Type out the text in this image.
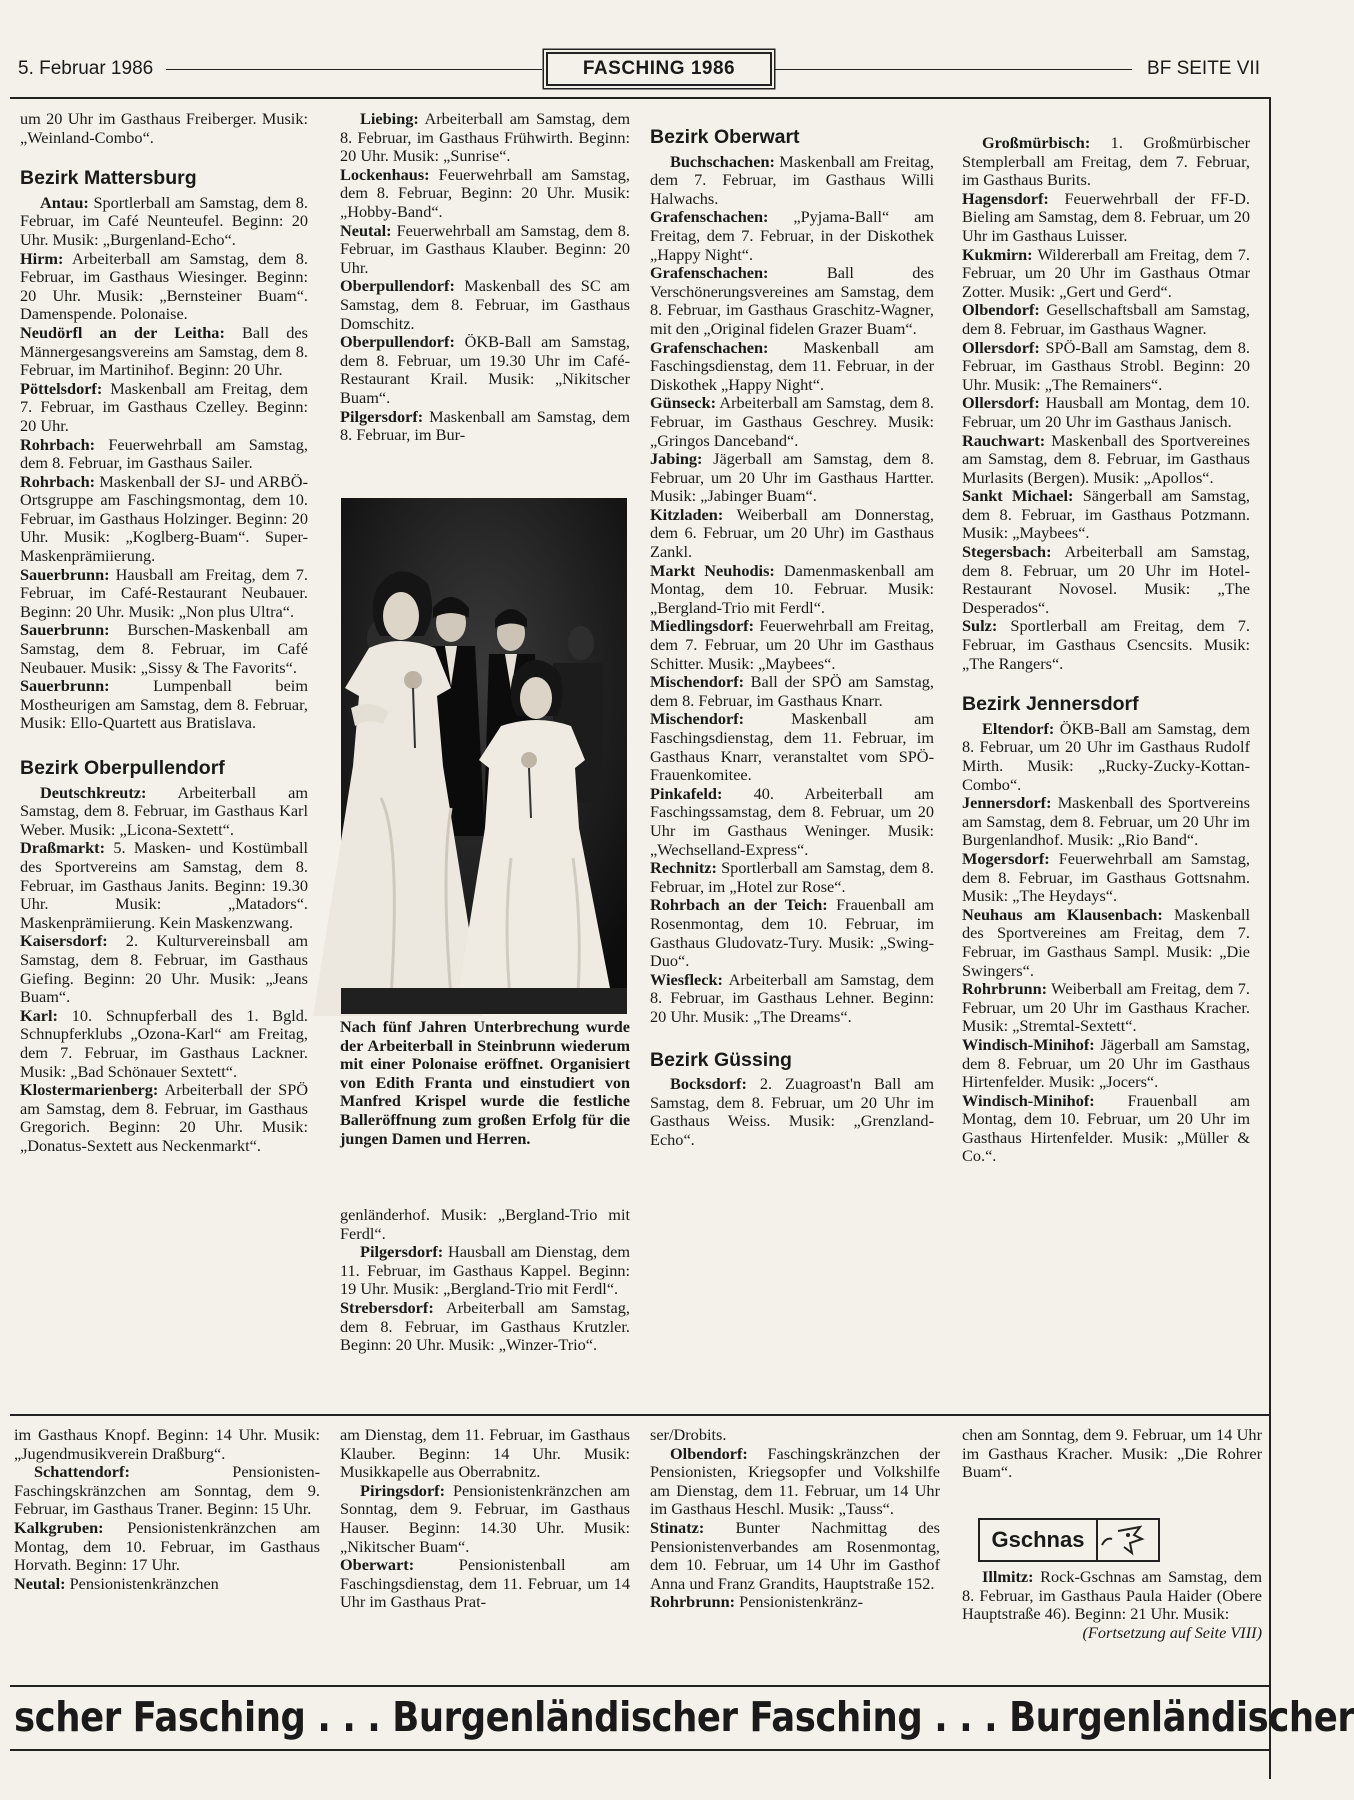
5. Februar 1986	FASCHING 1986	BF SEITE VII

um 20 Uhr im Gasthaus Freiberger. Musik: „Weinland-Combo“.

Bezirk Mattersburg

Antau: Sportlerball am Samstag, dem 8. Februar, im Café Neunteufel. Beginn: 20 Uhr. Musik: „Burgenland-Echo“.

Hirm: Arbeiterball am Samstag, dem 8. Februar, im Gasthaus Wiesinger. Beginn: 20 Uhr. Musik: „Bernsteiner Buam“. Damenspende. Polonaise.

Neudörfl an der Leitha: Ball des Männergesangsvereins am Samstag, dem 8. Februar, im Martinihof. Beginn: 20 Uhr.

Pöttelsdorf: Maskenball am Freitag, dem 7. Februar, im Gasthaus Czelley. Beginn: 20 Uhr.

Rohrbach: Feuerwehrball am Samstag, dem 8. Februar, im Gasthaus Sailer.

Rohrbach: Maskenball der SJ- und ARBÖ-Ortsgruppe am Faschingsmontag, dem 10. Februar, im Gasthaus Holzinger. Beginn: 20 Uhr. Musik: „Koglberg-Buam“. Super-Maskenprämiierung.

Sauerbrunn: Hausball am Freitag, dem 7. Februar, im Café-Restaurant Neubauer. Beginn: 20 Uhr. Musik: „Non plus Ultra“.

Sauerbrunn: Burschen-Maskenball am Samstag, dem 8. Februar, im Café Neubauer. Musik: „Sissy & The Favorits“.

Sauerbrunn:	Lumpenball beim Mostheurigen am Samstag, dem 8. Februar, Musik: Ello-Quartett aus Bratislava.

Bezirk Oberpullendorf

Deutschkreutz: Arbeiterball am Samstag, dem 8. Februar, im Gasthaus Karl Weber. Musik: „Licona-Sextett“.

Draßmarkt: 5. Masken- und Kostümball des Sportvereins am Samstag, dem 8. Februar, im Gasthaus Janits. Beginn: 19.30 Uhr. Musik: „Matadors“. Maskenprämiierung. Kein Maskenzwang.

Kaisersdorf: 2. Kulturvereinsball am Samstag, dem 8. Februar, im Gasthaus Giefing. Beginn: 20 Uhr. Musik: „Jeans Buam“.

Karl: 10. Schnupferball des 1. Bgld. Schnupferklubs „Ozona-Karl“ am Freitag, dem 7. Februar, im Gasthaus Lackner. Musik: „Bad Schönauer Sextett“.

Klostermarienberg: Arbeiterball der SPÖ am Samstag, dem 8. Februar, im Gasthaus Gregorich. Beginn: 20 Uhr. Musik: „Donatus-Sextett aus Neckenmarkt“.

Liebing: Arbeiterball am Samstag, dem 8. Februar, im Gasthaus Frühwirth. Beginn: 20 Uhr. Musik: „Sunrise“.

Lockenhaus: Feuerwehrball am Samstag, dem 8. Februar, Beginn: 20 Uhr. Musik: „Hobby-Band“.

Neutal: Feuerwehrball am Samstag, dem 8. Februar, im Gasthaus Klauber. Beginn: 20 Uhr.

Oberpullendorf: Maskenball des SC am Samstag, dem 8. Februar, im Gasthaus Domschitz.

Oberpullendorf: ÖKB-Ball am Samstag, dem 8. Februar, um 19.30 Uhr im Café-Restaurant Krail. Musik: „Nikitscher Buam“.

Pilgersdorf: Maskenball am Samstag, dem 8. Februar, im Bur-

Nach fünf Jahren Unterbrechung wurde der Arbeiterball in Steinbrunn wiederum mit einer Polonaise eröffnet. Organisiert von Edith Franta und einstudiert von Manfred Krispel wurde die festliche Balleröffnung zum großen Erfolg für die jungen Damen und Herren.

genländerhof. Musik: „Bergland-Trio mit Ferdl“.

Pilgersdorf: Hausball am Dienstag, dem 11. Februar, im Gasthaus Kappel. Beginn: 19 Uhr. Musik: „Bergland-Trio mit Ferdl“.

Strebersdorf: Arbeiterball am Samstag, dem 8. Februar, im Gasthaus Krutzler. Beginn: 20 Uhr. Musik: „Winzer-Trio“.

Bezirk Oberwart

Buchschachen: Maskenball am Freitag, dem 7. Februar, im Gasthaus Willi Halwachs.

Grafenschachen: „Pyjama-Ball“ am Freitag, dem 7. Februar, in der Diskothek „Happy Night“.

Grafenschachen:	Ball des Verschönerungsvereines am Samstag, dem 8. Februar, im Gasthaus Graschitz-Wagner, mit den „Original fidelen Grazer Buam“.

Grafenschachen: Maskenball am Faschingsdienstag, dem 11. Februar, in der Diskothek „Happy Night“.

Günseck: Arbeiterball am Samstag, dem 8. Februar, im Gasthaus Geschrey. Musik: „Gringos Danceband“.

Jabing: Jägerball am Samstag, dem 8. Februar, um 20 Uhr im Gasthaus Hartter. Musik: „Jabinger Buam“.

Kitzladen: Weiberball am Donnerstag, dem 6. Februar, um 20 Uhr) im Gasthaus Zankl.

Markt Neuhodis: Damenmaskenball am Montag, dem 10. Februar. Musik: „Bergland-Trio mit Ferdl“.

Miedlingsdorf: Feuerwehrball am Freitag, dem 7. Februar, um 20 Uhr im Gasthaus Schitter. Musik: „Maybees“.

Mischendorf: Ball der SPÖ am Samstag, dem 8. Februar, im Gasthaus Knarr.

Mischendorf:	Maskenball am Faschingsdienstag, dem 11. Februar, im Gasthaus Knarr, veranstaltet vom SPÖ-Frauenkomitee.

Pinkafeld: 40. Arbeiterball am Faschingssamstag, dem 8. Februar, um 20 Uhr im Gasthaus Weninger. Musik: „Wechselland-Express“.

Rechnitz: Sportlerball am Samstag, dem 8. Februar, im „Hotel zur Rose“.

Rohrbach an der Teich: Frauenball am Rosenmontag, dem 10. Februar, im Gasthaus Gludovatz-Tury. Musik: „Swing-Duo“.

Wiesfleck: Arbeiterball am Samstag, dem 8. Februar, im Gasthaus Lehner. Beginn: 20 Uhr. Musik: „The Dreams“.

Bezirk Güssing

Bocksdorf: 2. Zuagroast'n Ball am Samstag, dem 8. Februar, um 20 Uhr im Gasthaus Weiss. Musik: „Grenzland-Echo“.

Großmürbisch: 1. Großmürbischer Stemplerball am Freitag, dem 7. Februar, im Gasthaus Burits.

Hagensdorf: Feuerwehrball der FF-D. Bieling am Samstag, dem 8. Februar, um 20 Uhr im Gasthaus Luisser.

Kukmirn: Wildererball am Freitag, dem 7. Februar, um 20 Uhr im Gasthaus Otmar Zotter. Musik: „Gert und Gerd“.

Olbendorf: Gesellschaftsball am Samstag, dem 8. Februar, im Gasthaus Wagner.

Ollersdorf: SPÖ-Ball am Samstag, dem 8. Februar, im Gasthaus Strobl. Beginn: 20 Uhr. Musik: „The Remainers“.

Ollersdorf: Hausball am Montag, dem 10. Februar, um 20 Uhr im Gasthaus Janisch.

Rauchwart: Maskenball des Sportvereines am Samstag, dem 8. Februar, im Gasthaus Murlasits (Bergen). Musik: „Apollos“.

Sankt Michael: Sängerball am Samstag, dem 8. Februar, im Gasthaus Potzmann. Musik: „Maybees“.

Stegersbach: Arbeiterball am Samstag, dem 8. Februar, um 20 Uhr im Hotel-Restaurant Novosel. Musik: „The Desperados“.

Sulz: Sportlerball am Freitag, dem 7. Februar, im Gasthaus Csencsits. Musik: „The Rangers“.

Bezirk Jennersdorf

Eltendorf: ÖKB-Ball am Samstag, dem 8. Februar, um 20 Uhr im Gasthaus Rudolf Mirth. Musik: „Rucky-Zucky-Kottan-Combo“.

Jennersdorf: Maskenball des Sportvereins am Samstag, dem 8. Februar, um 20 Uhr im Burgenlandhof. Musik: „Rio Band“.

Mogersdorf: Feuerwehrball am Samstag, dem 8. Februar, im Gasthaus Gottsnahm. Musik: „The Heydays“.

Neuhaus am Klausenbach: Maskenball des Sportvereines am Freitag, dem 7. Februar, im Gasthaus Sampl. Musik: „Die Swingers“.

Rohrbrunn: Weiberball am Freitag, dem 7. Februar, um 20 Uhr im Gasthaus Kracher. Musik: „Stremtal-Sextett“.

Windisch-Minihof: Jägerball am Samstag, dem 8. Februar, um 20 Uhr im Gasthaus Hirtenfelder. Musik: „Jocers“.

Windisch-Minihof: Frauenball am Montag, dem 10. Februar, um 20 Uhr im Gasthaus Hirtenfelder. Musik: „Müller & Co.“.

im Gasthaus Knopf. Beginn: 14 Uhr. Musik: „Jugendmusikverein Draßburg“.

Schattendorf:	Pensionisten-Faschingskränzchen am Sonntag, dem 9. Februar, im Gasthaus Traner. Beginn: 15 Uhr.

Kalkgruben: Pensionistenkränzchen am Montag, dem 10. Februar, im Gasthaus Horvath. Beginn: 17 Uhr.

Neutal: Pensionistenkränzchen

am Dienstag, dem 11. Februar, im Gasthaus Klauber. Beginn: 14 Uhr. Musik: Musikkapelle aus Oberrabnitz.

Piringsdorf: Pensionistenkränzchen am Sonntag, dem 9. Februar, im Gasthaus Hauser. Beginn: 14.30 Uhr. Musik: „Nikitscher Buam“.

Oberwart:	Pensionistenball am Faschingsdienstag, dem 11. Februar, um 14 Uhr im Gasthaus Prat-

ser/Drobits.

Olbendorf: Faschingskränzchen der Pensionisten, Kriegsopfer und Volkshilfe am Dienstag, dem 11. Februar, um 14 Uhr im Gasthaus Heschl. Musik: „Tauss“.

Stinatz: Bunter Nachmittag des Pensionistenverbandes am Rosenmontag, dem 10. Februar, um 14 Uhr im Gasthof Anna und Franz Grandits, Hauptstraße 152.

Rohrbrunn: Pensionistenkränz-

chen am Sonntag, dem 9. Februar, um 14 Uhr im Gasthaus Kracher. Musik: „Die Rohrer Buam“.

Gschnas

Illmitz: Rock-Gschnas am Samstag, dem 8. Februar, im Gasthaus Paula Haider (Obere Hauptstraße 46). Beginn: 21 Uhr. Musik:

(Fortsetzung auf Seite VIII)

scher Fasching . . . Burgenländischer Fasching . . . Burgenländischer
